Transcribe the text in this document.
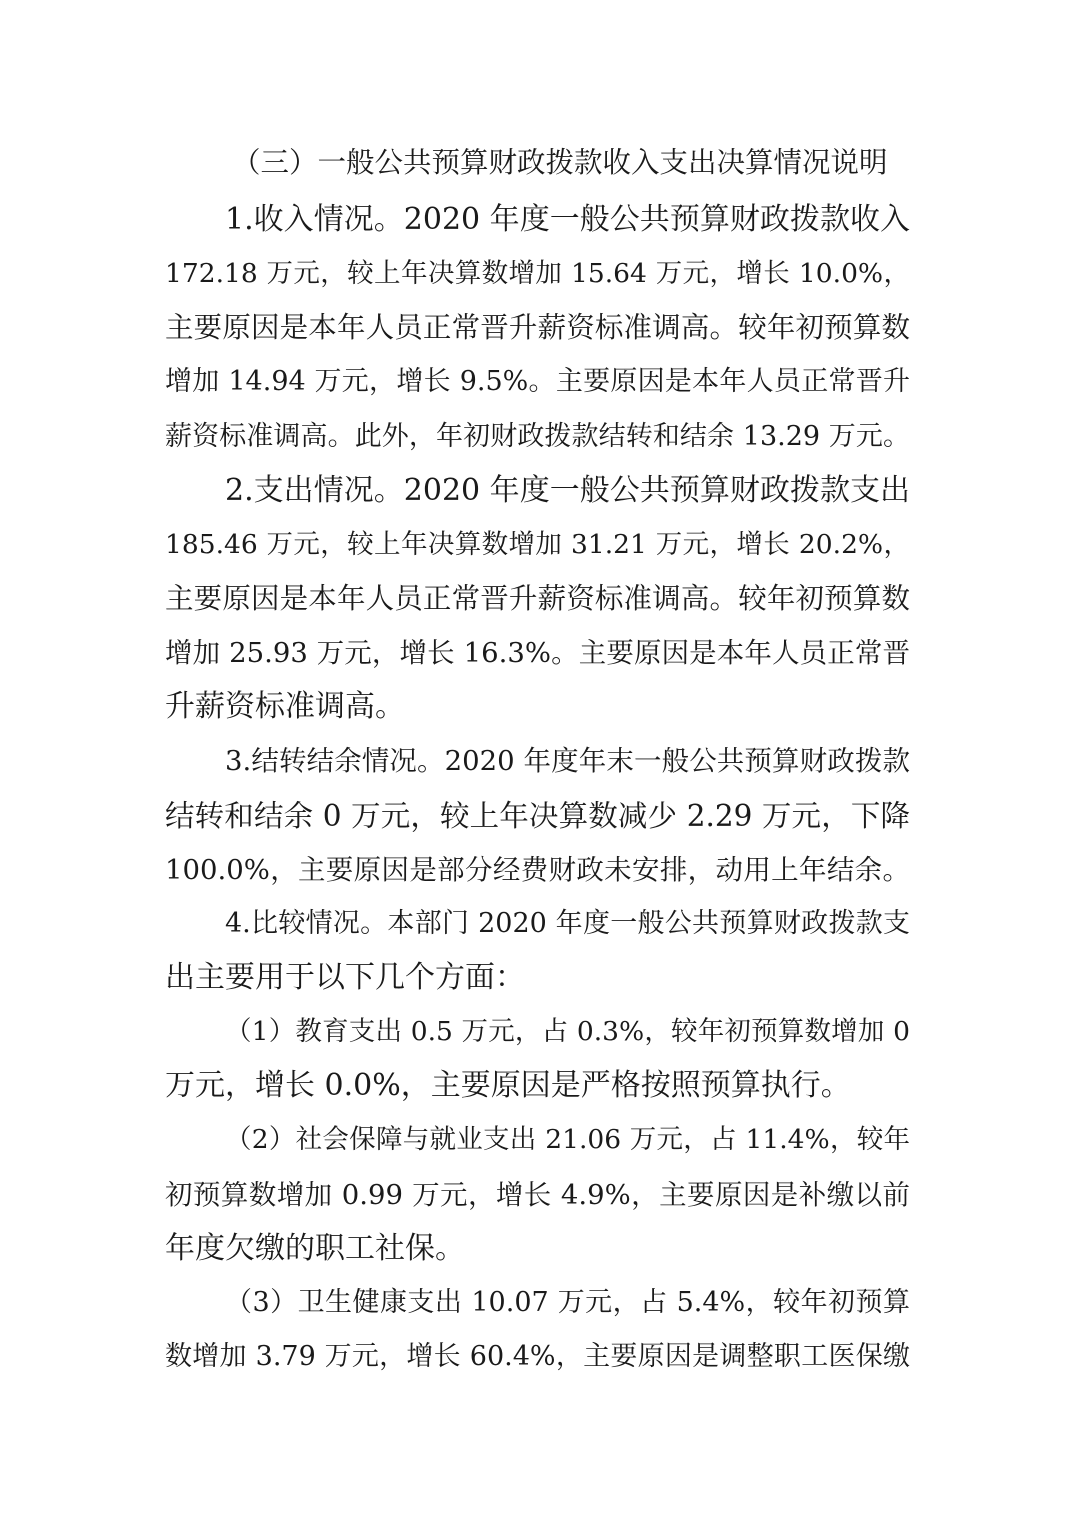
（三）一般公共预算财政拨款收入支出决算情况说明
1.收入情况。2020 年度一般公共预算财政拨款收入
172.18 万元，较上年决算数增加 15.64 万元，增长 10.0%，
主要原因是本年人员正常晋升薪资标准调高。较年初预算数
增加 14.94 万元，增长 9.5%。主要原因是本年人员正常晋升
薪资标准调高。此外，年初财政拨款结转和结余 13.29 万元。
2.支出情况。2020 年度一般公共预算财政拨款支出
185.46 万元，较上年决算数增加 31.21 万元，增长 20.2%，
主要原因是本年人员正常晋升薪资标准调高。较年初预算数
增加 25.93 万元，增长 16.3%。主要原因是本年人员正常晋
升薪资标准调高。
3.结转结余情况。2020 年度年末一般公共预算财政拨款
结转和结余 0 万元，较上年决算数减少 2.29 万元，下降
100.0%，主要原因是部分经费财政未安排，动用上年结余。
4.比较情况。本部门 2020 年度一般公共预算财政拨款支
出主要用于以下几个方面：
（1）教育支出 0.5 万元，占 0.3%，较年初预算数增加 0
万元，增长 0.0%，主要原因是严格按照预算执行。
（2）社会保障与就业支出 21.06 万元，占 11.4%，较年
初预算数增加 0.99 万元，增长 4.9%，主要原因是补缴以前
年度欠缴的职工社保。
（3）卫生健康支出 10.07 万元，占 5.4%，较年初预算
数增加 3.79 万元，增长 60.4%，主要原因是调整职工医保缴
